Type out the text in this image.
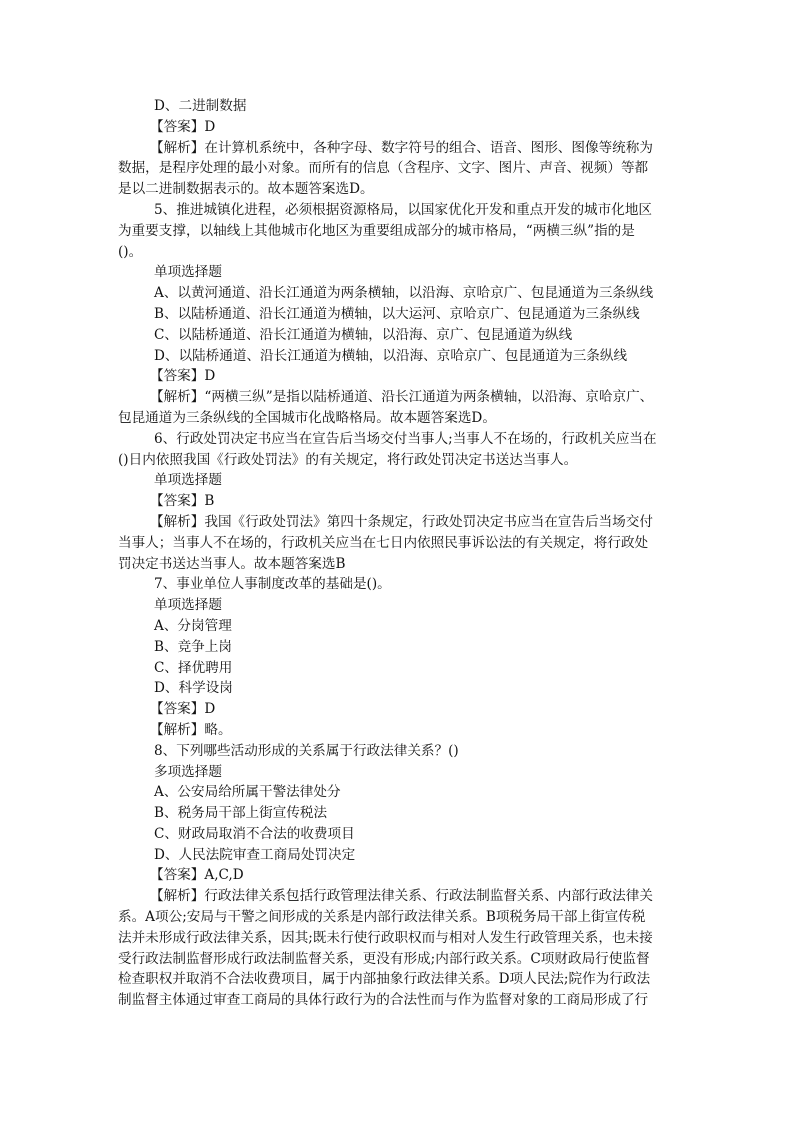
D、二进制数据
【答案】D
【解析】在计算机系统中，各种字母、数字符号的组合、语音、图形、图像等统称为
数据，是程序处理的最小对象。而所有的信息（含程序、文字、图片、声音、视频）等都
是以二进制数据表示的。故本题答案选D。
5、推进城镇化进程，必须根据资源格局，以国家优化开发和重点开发的城市化地区
为重要支撑，以轴线上其他城市化地区为重要组成部分的城市格局，“两横三纵”指的是
()。
单项选择题
A、以黄河通道、沿长江通道为两条横轴，以沿海、京哈京广、包昆通道为三条纵线
B、以陆桥通道、沿长江通道为横轴，以大运河、京哈京广、包昆通道为三条纵线
C、以陆桥通道、沿长江通道为横轴，以沿海、京广、包昆通道为纵线
D、以陆桥通道、沿长江通道为横轴，以沿海、京哈京广、包昆通道为三条纵线
【答案】D
【解析】“两横三纵”是指以陆桥通道、沿长江通道为两条横轴，以沿海、京哈京广、
包昆通道为三条纵线的全国城市化战略格局。故本题答案选D。
6、行政处罚决定书应当在宣告后当场交付当事人;当事人不在场的，行政机关应当在
()日内依照我国《行政处罚法》的有关规定，将行政处罚决定书送达当事人。
单项选择题
【答案】B
【解析】我国《行政处罚法》第四十条规定，行政处罚决定书应当在宣告后当场交付
当事人；当事人不在场的，行政机关应当在七日内依照民事诉讼法的有关规定，将行政处
罚决定书送达当事人。故本题答案选B
7、事业单位人事制度改革的基础是()。
单项选择题
A、分岗管理
B、竞争上岗
C、择优聘用
D、科学设岗
【答案】D
【解析】略。
8、下列哪些活动形成的关系属于行政法律关系？()
多项选择题
A、公安局给所属干警法律处分
B、税务局干部上街宣传税法
C、财政局取消不合法的收费项目
D、人民法院审查工商局处罚决定
【答案】A,C,D
【解析】行政法律关系包括行政管理法律关系、行政法制监督关系、内部行政法律关
系。A项公;安局与干警之间形成的关系是内部行政法律关系。B项税务局干部上街宣传税
法并未形成行政法律关系，因其;既未行使行政职权而与相对人发生行政管理关系，也未接
受行政法制监督形成行政法制监督关系，更没有形成;内部行政关系。C项财政局行使监督
检查职权并取消不合法收费项目，属于内部抽象行政法律关系。D项人民法;院作为行政法
制监督主体通过审查工商局的具体行政行为的合法性而与作为监督对象的工商局形成了行
